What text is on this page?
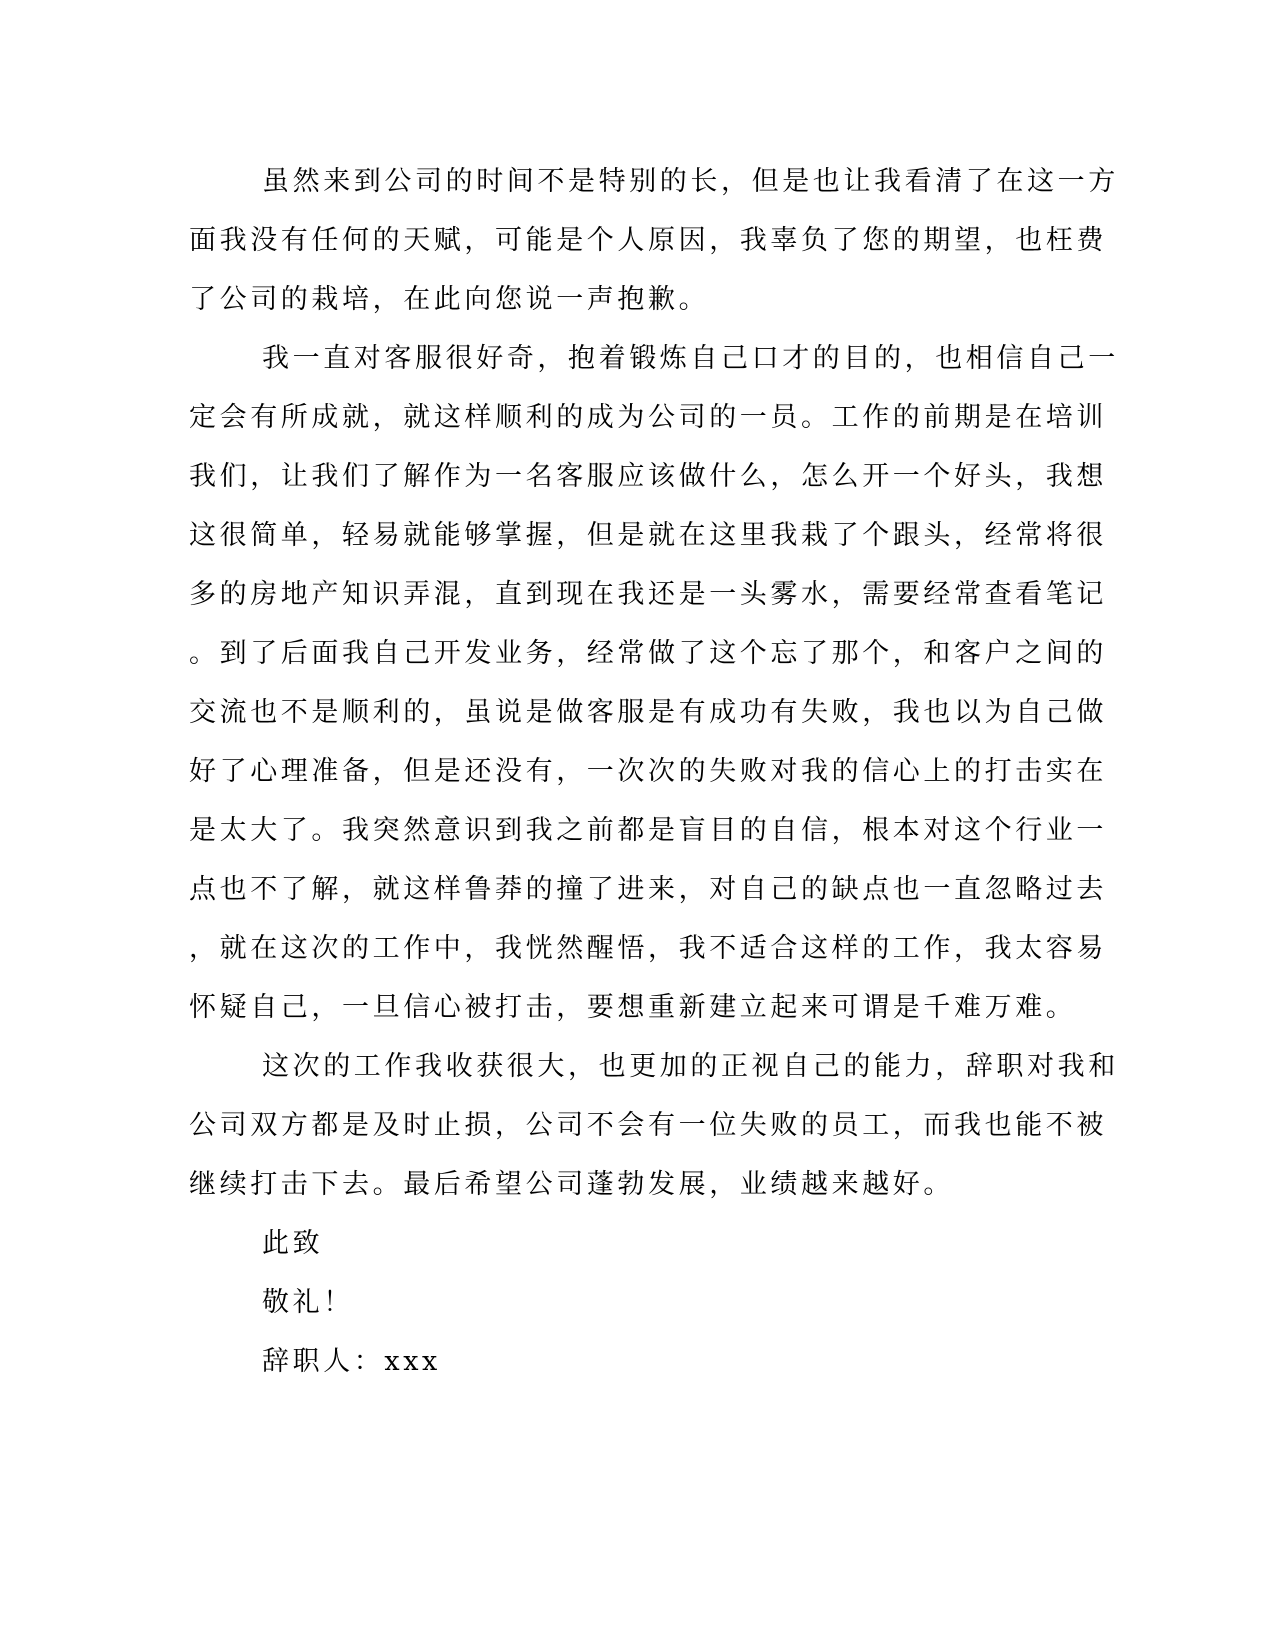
虽然来到公司的时间不是特别的长，但是也让我看清了在这一方
面我没有任何的天赋，可能是个人原因，我辜负了您的期望，也枉费
了公司的栽培，在此向您说一声抱歉。
我一直对客服很好奇，抱着锻炼自己口才的目的，也相信自己一
定会有所成就，就这样顺利的成为公司的一员。工作的前期是在培训
我们，让我们了解作为一名客服应该做什么，怎么开一个好头，我想
这很简单，轻易就能够掌握，但是就在这里我栽了个跟头，经常将很
多的房地产知识弄混，直到现在我还是一头雾水，需要经常查看笔记
。到了后面我自己开发业务，经常做了这个忘了那个，和客户之间的
交流也不是顺利的，虽说是做客服是有成功有失败，我也以为自己做
好了心理准备，但是还没有，一次次的失败对我的信心上的打击实在
是太大了。我突然意识到我之前都是盲目的自信，根本对这个行业一
点也不了解，就这样鲁莽的撞了进来，对自己的缺点也一直忽略过去
，就在这次的工作中，我恍然醒悟，我不适合这样的工作，我太容易
怀疑自己，一旦信心被打击，要想重新建立起来可谓是千难万难。
这次的工作我收获很大，也更加的正视自己的能力，辞职对我和
公司双方都是及时止损，公司不会有一位失败的员工，而我也能不被
继续打击下去。最后希望公司蓬勃发展，业绩越来越好。
此致
敬礼！
辞职人：xxx
